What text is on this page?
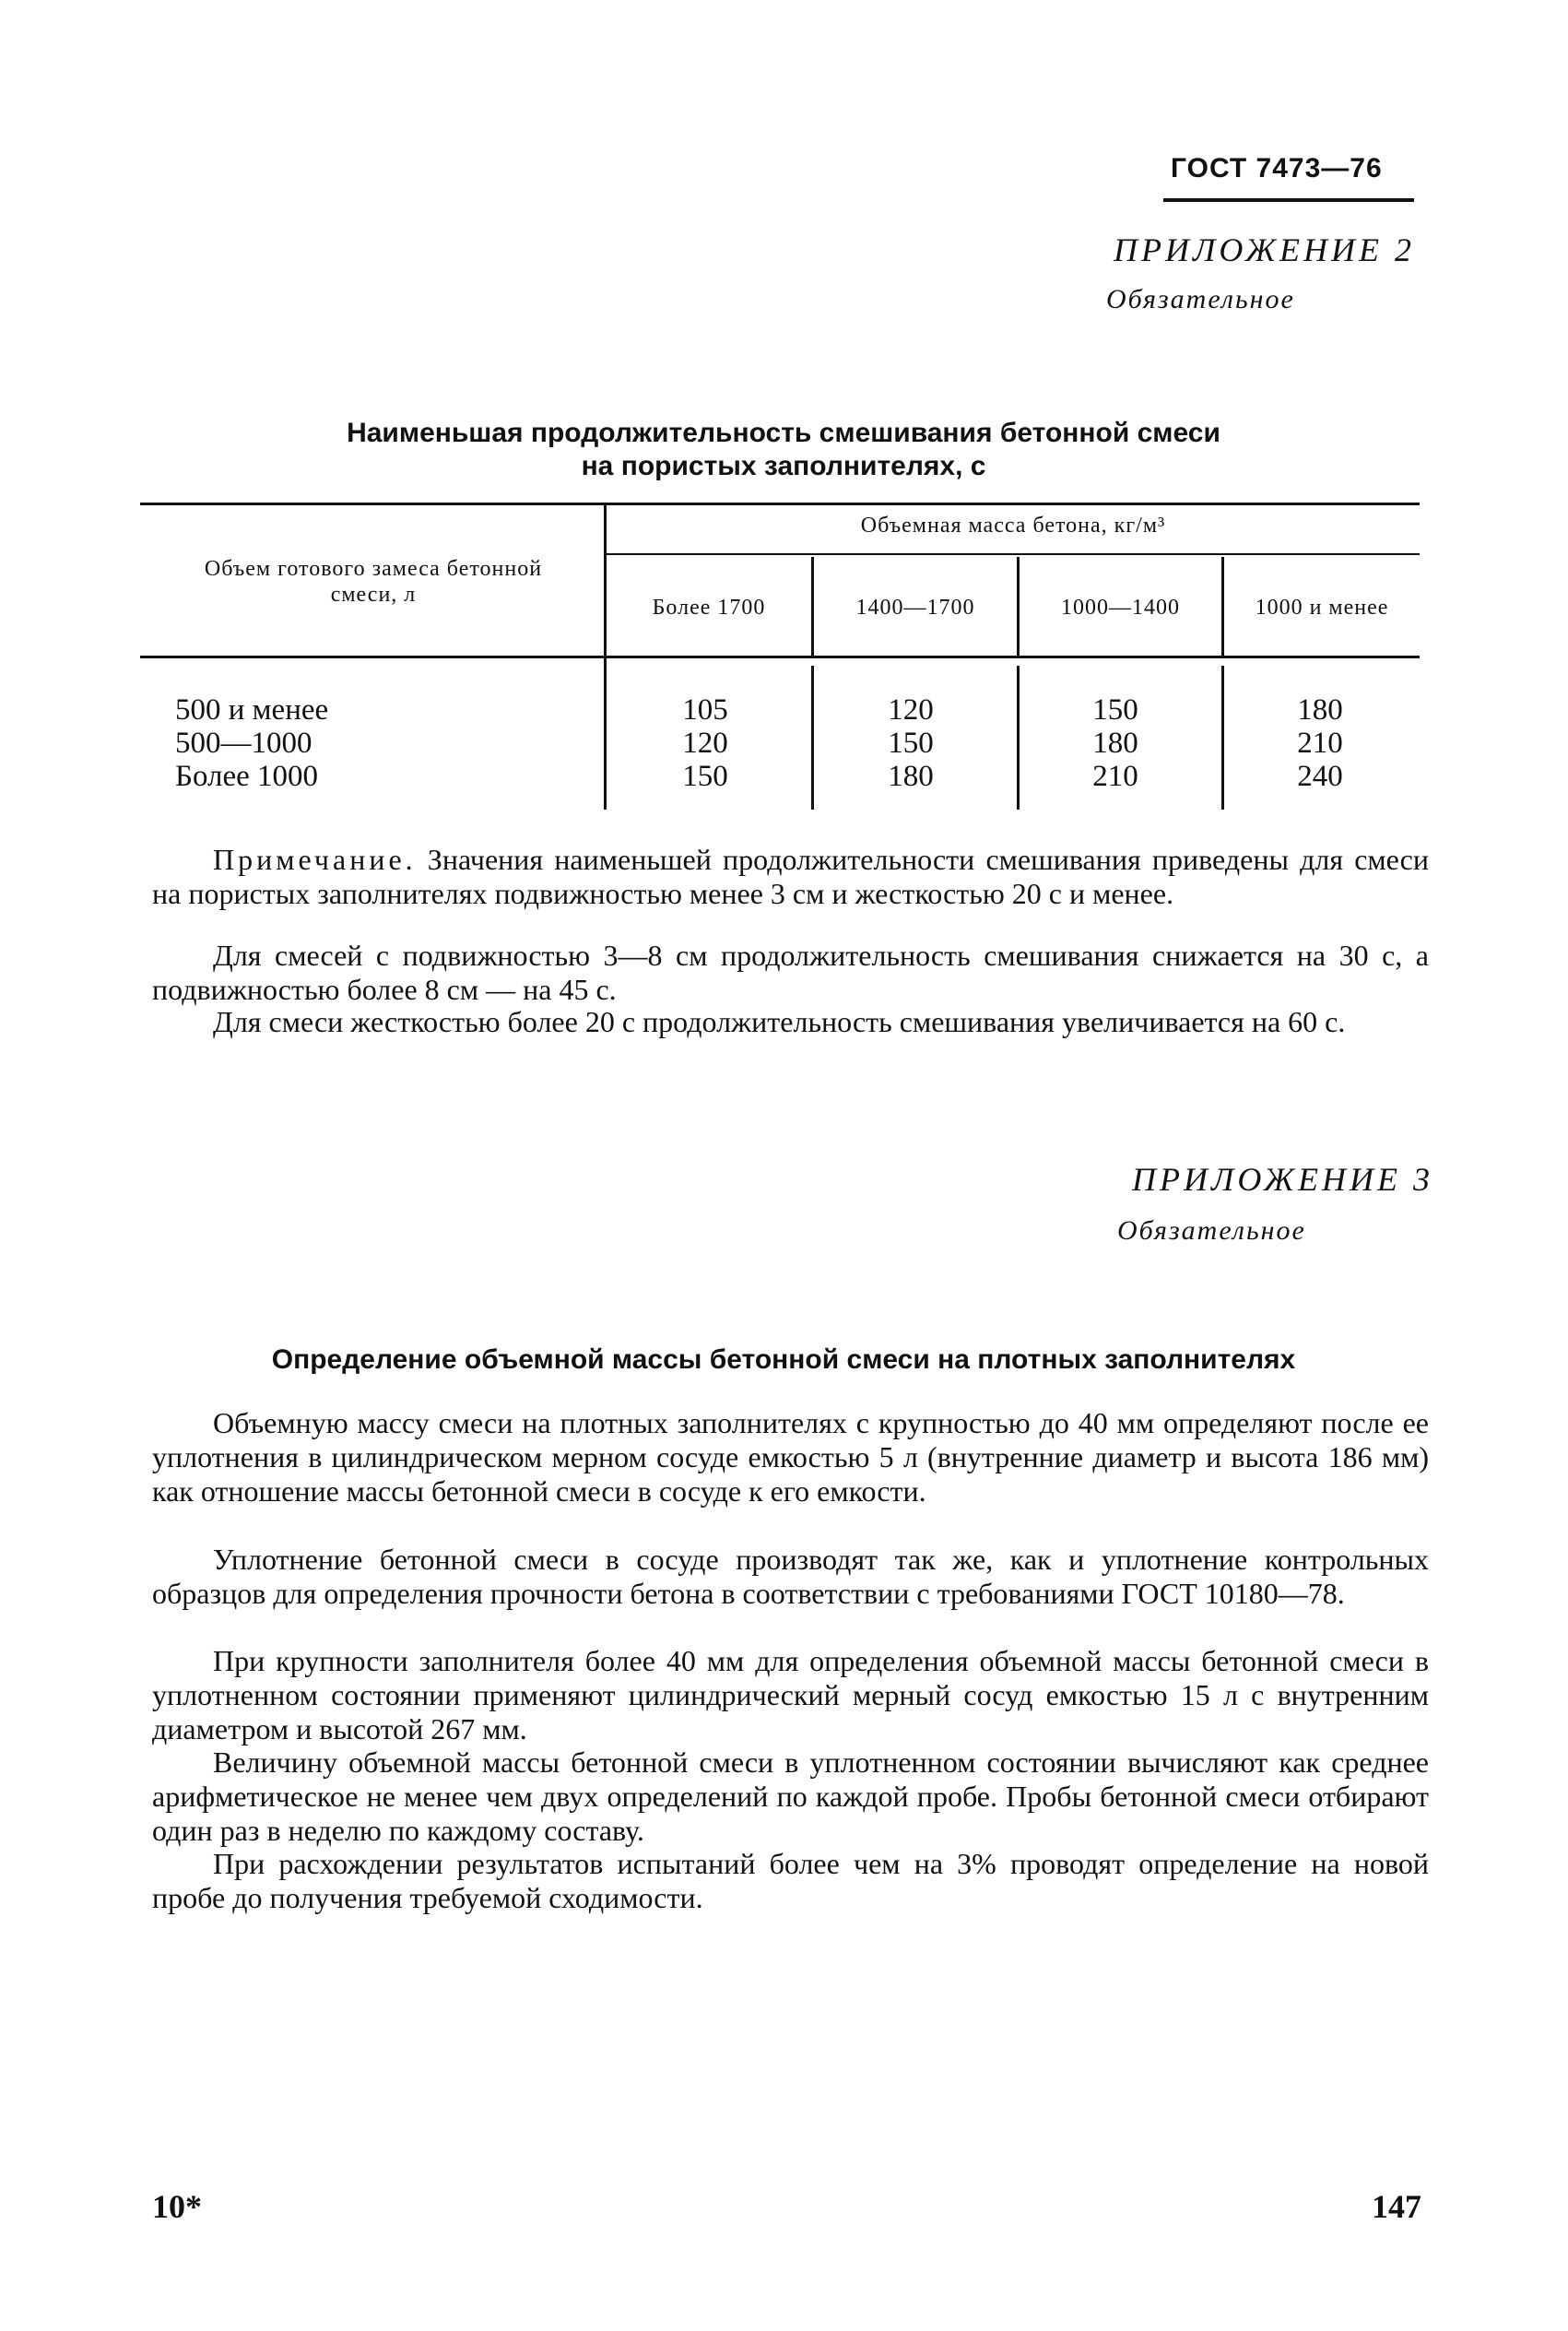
ГОСТ 7473—76
ПРИЛОЖЕНИЕ 2
Обязательное
Наименьшая продолжительность смешивания бетонной смеси
на пористых заполнителях, с
Объем готового замеса бетонной смеси, л
Объемная масса бетона, кг/м³
Более 1700	1400—1700	1000—1400	1000 и менее
500 и менее	105	120	150	180
500—1000	120	150	180	210
Более 1000	150	180	210	240
Примечание. Значения наименьшей продолжительности смешивания приведены для смеси на пористых заполнителях подвижностью менее 3 см и жесткостью 20 с и менее.
Для смесей с подвижностью 3—8 см продолжительность смешивания снижается на 30 с, а подвижностью более 8 см — на 45 с.
Для смеси жесткостью более 20 с продолжительность смешивания увеличивается на 60 с.
ПРИЛОЖЕНИЕ 3
Обязательное
Определение объемной массы бетонной смеси на плотных заполнителях
Объемную массу смеси на плотных заполнителях с крупностью до 40 мм определяют после ее уплотнения в цилиндрическом мерном сосуде емкостью 5 л (внутренние диаметр и высота 186 мм) как отношение массы бетонной смеси в сосуде к его емкости.
Уплотнение бетонной смеси в сосуде производят так же, как и уплотнение контрольных образцов для определения прочности бетона в соответствии с требованиями ГОСТ 10180—78.
При крупности заполнителя более 40 мм для определения объемной массы бетонной смеси в уплотненном состоянии применяют цилиндрический мерный сосуд емкостью 15 л с внутренним диаметром и высотой 267 мм.
Величину объемной массы бетонной смеси в уплотненном состоянии вычисляют как среднее арифметическое не менее чем двух определений по каждой пробе. Пробы бетонной смеси отбирают один раз в неделю по каждому составу.
При расхождении результатов испытаний более чем на 3% проводят определение на новой пробе до получения требуемой сходимости.
10*	147
